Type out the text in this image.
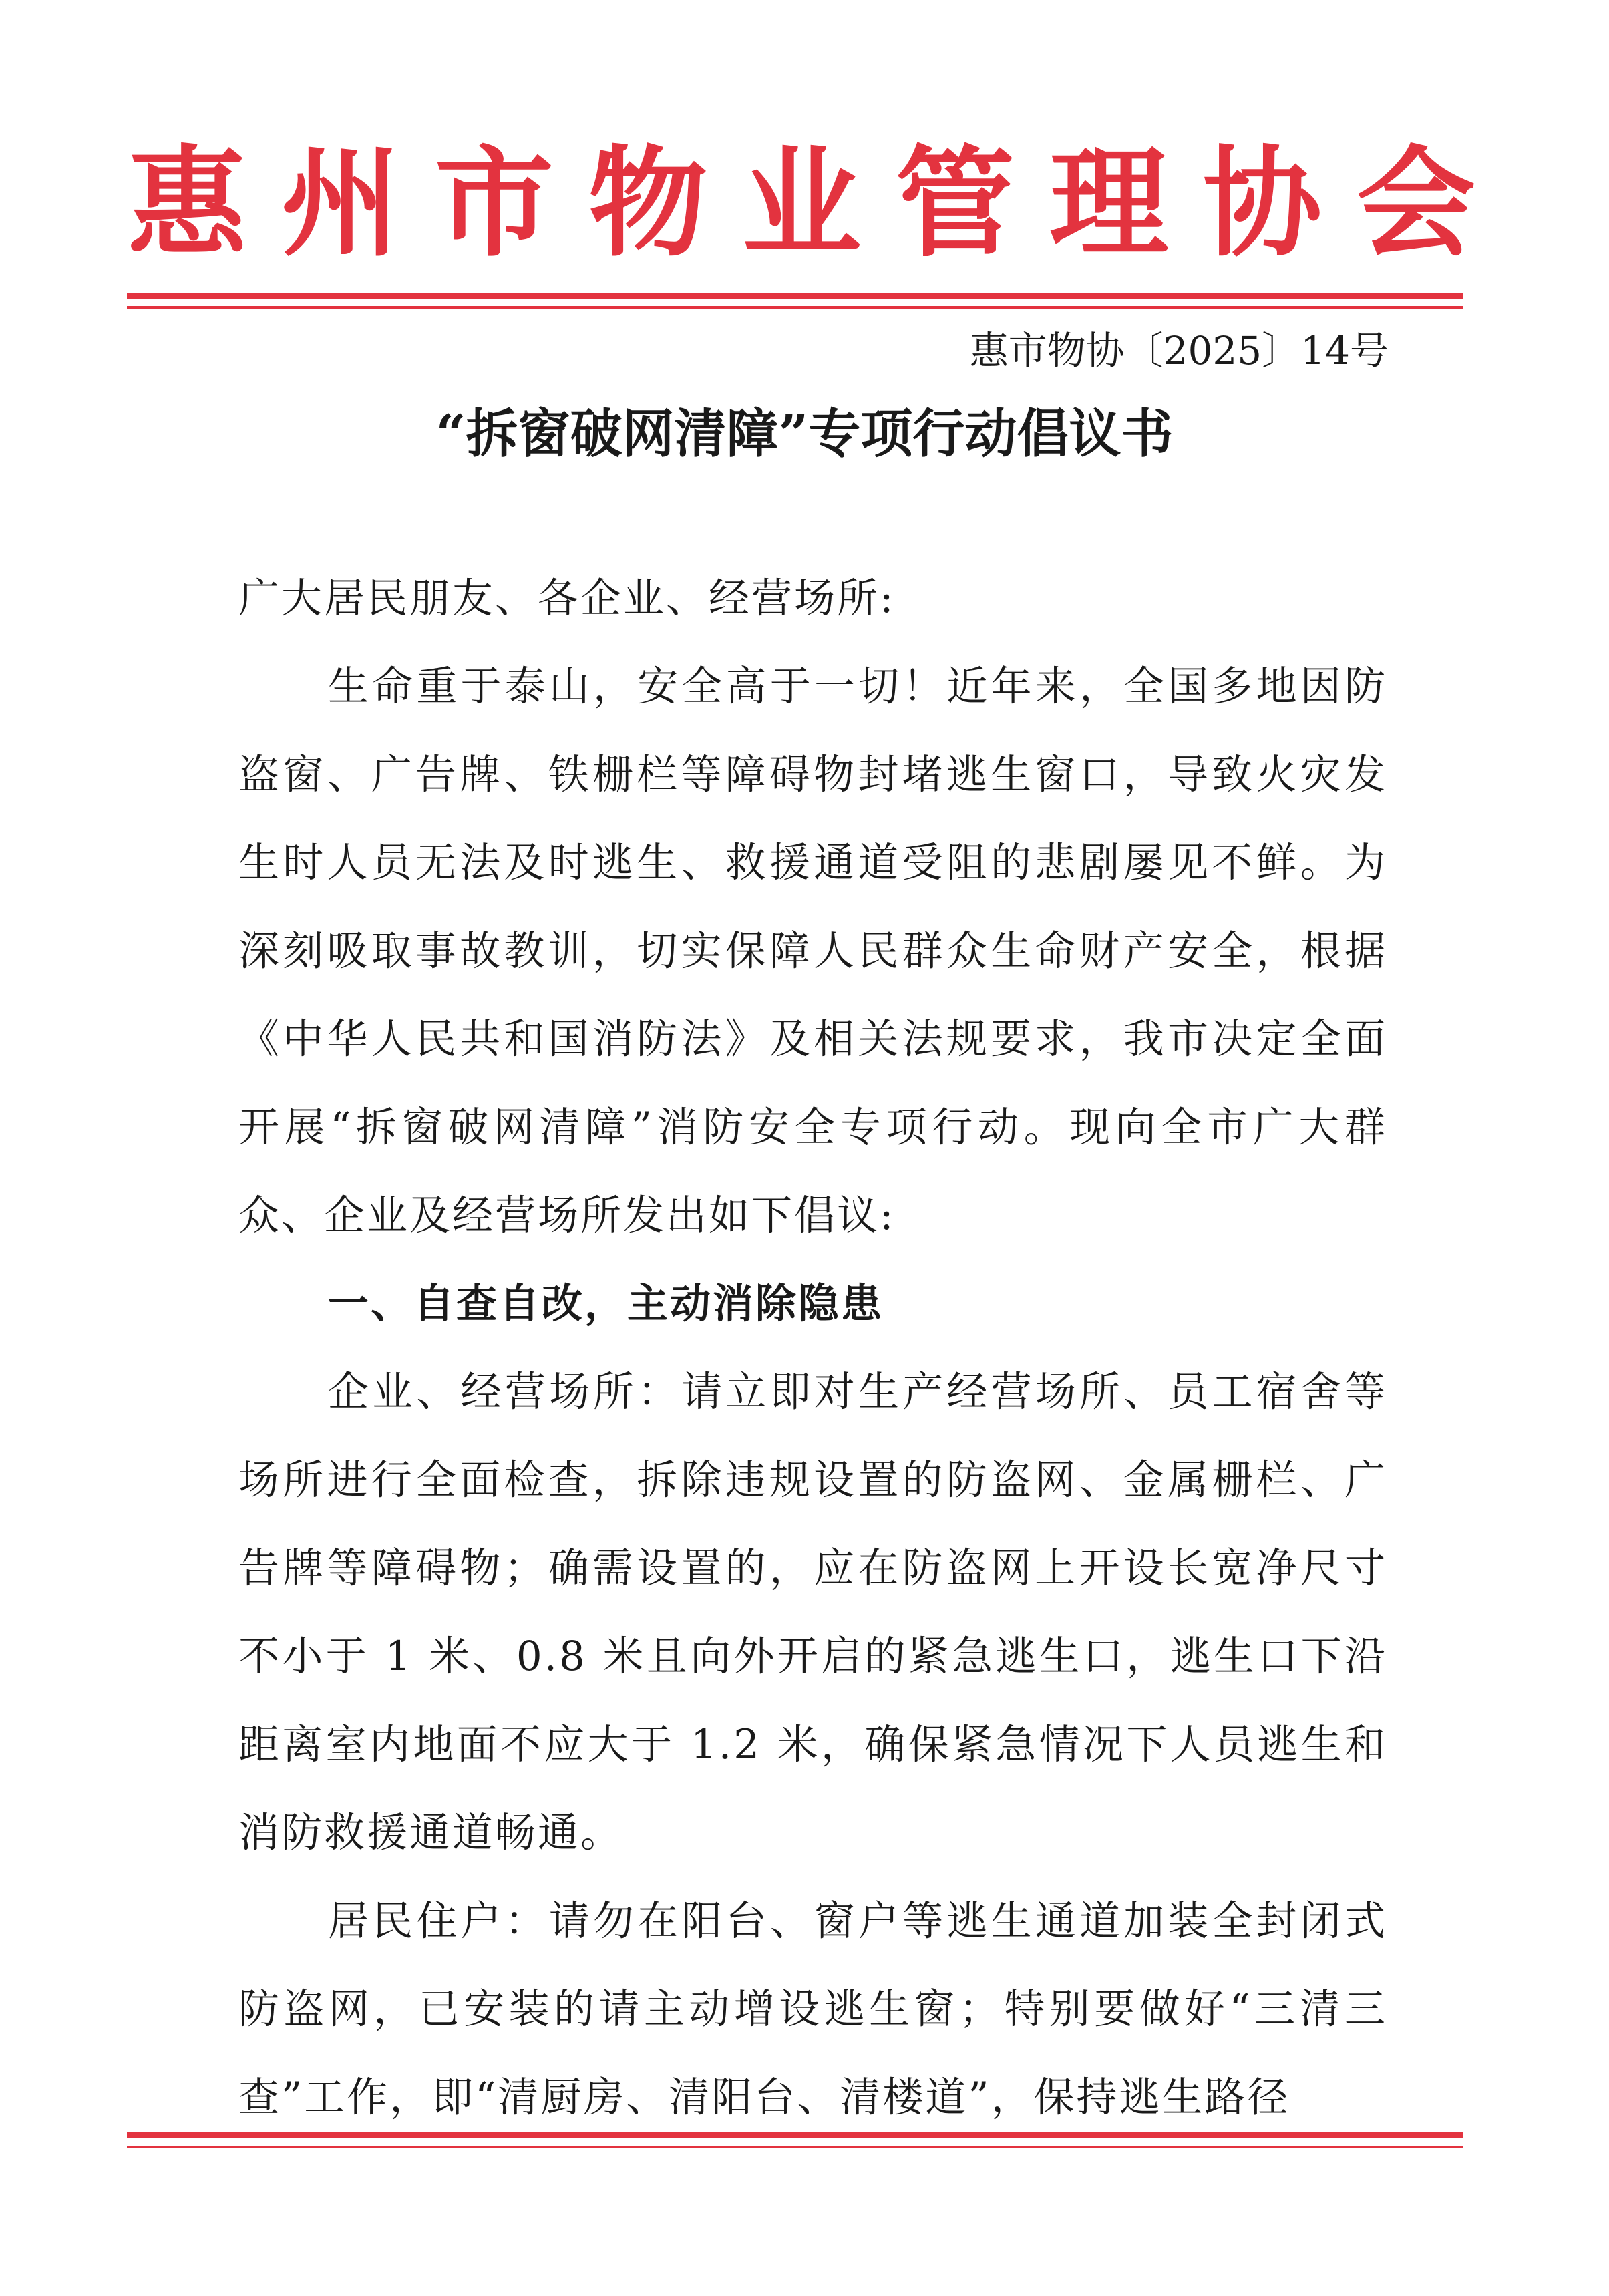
惠 州 市 物 业 管 理 协 会
惠市物协〔2025〕14号
“拆窗破网清障”专项行动倡议书

广大居民朋友、各企业、经营场所:

生命重于泰山，安全高于一切！近年来，全国多地因防盗窗、广告牌、铁栅栏等障碍物封堵逃生窗口，导致火灾发生时人员无法及时逃生、救援通道受阻的悲剧屡见不鲜。为深刻吸取事故教训，切实保障人民群众生命财产安全，根据《中华人民共和国消防法》及相关法规要求，我市决定全面开展“拆窗破网清障”消防安全专项行动。现向全市广大群众、企业及经营场所发出如下倡议:

一、自查自改，主动消除隐患

企业、经营场所：请立即对生产经营场所、员工宿舍等场所进行全面检查，拆除违规设置的防盗网、金属栅栏、广告牌等障碍物；确需设置的，应在防盗网上开设长宽净尺寸不小于 1 米、0.8 米且向外开启的紧急逃生口，逃生口下沿距离室内地面不应大于 1.2 米，确保紧急情况下人员逃生和消防救援通道畅通。

居民住户：请勿在阳台、窗户等逃生通道加装全封闭式防盗网，已安装的请主动增设逃生窗；特别要做好“三清三查”工作，即“清厨房、清阳台、清楼道”，保持逃生路径
